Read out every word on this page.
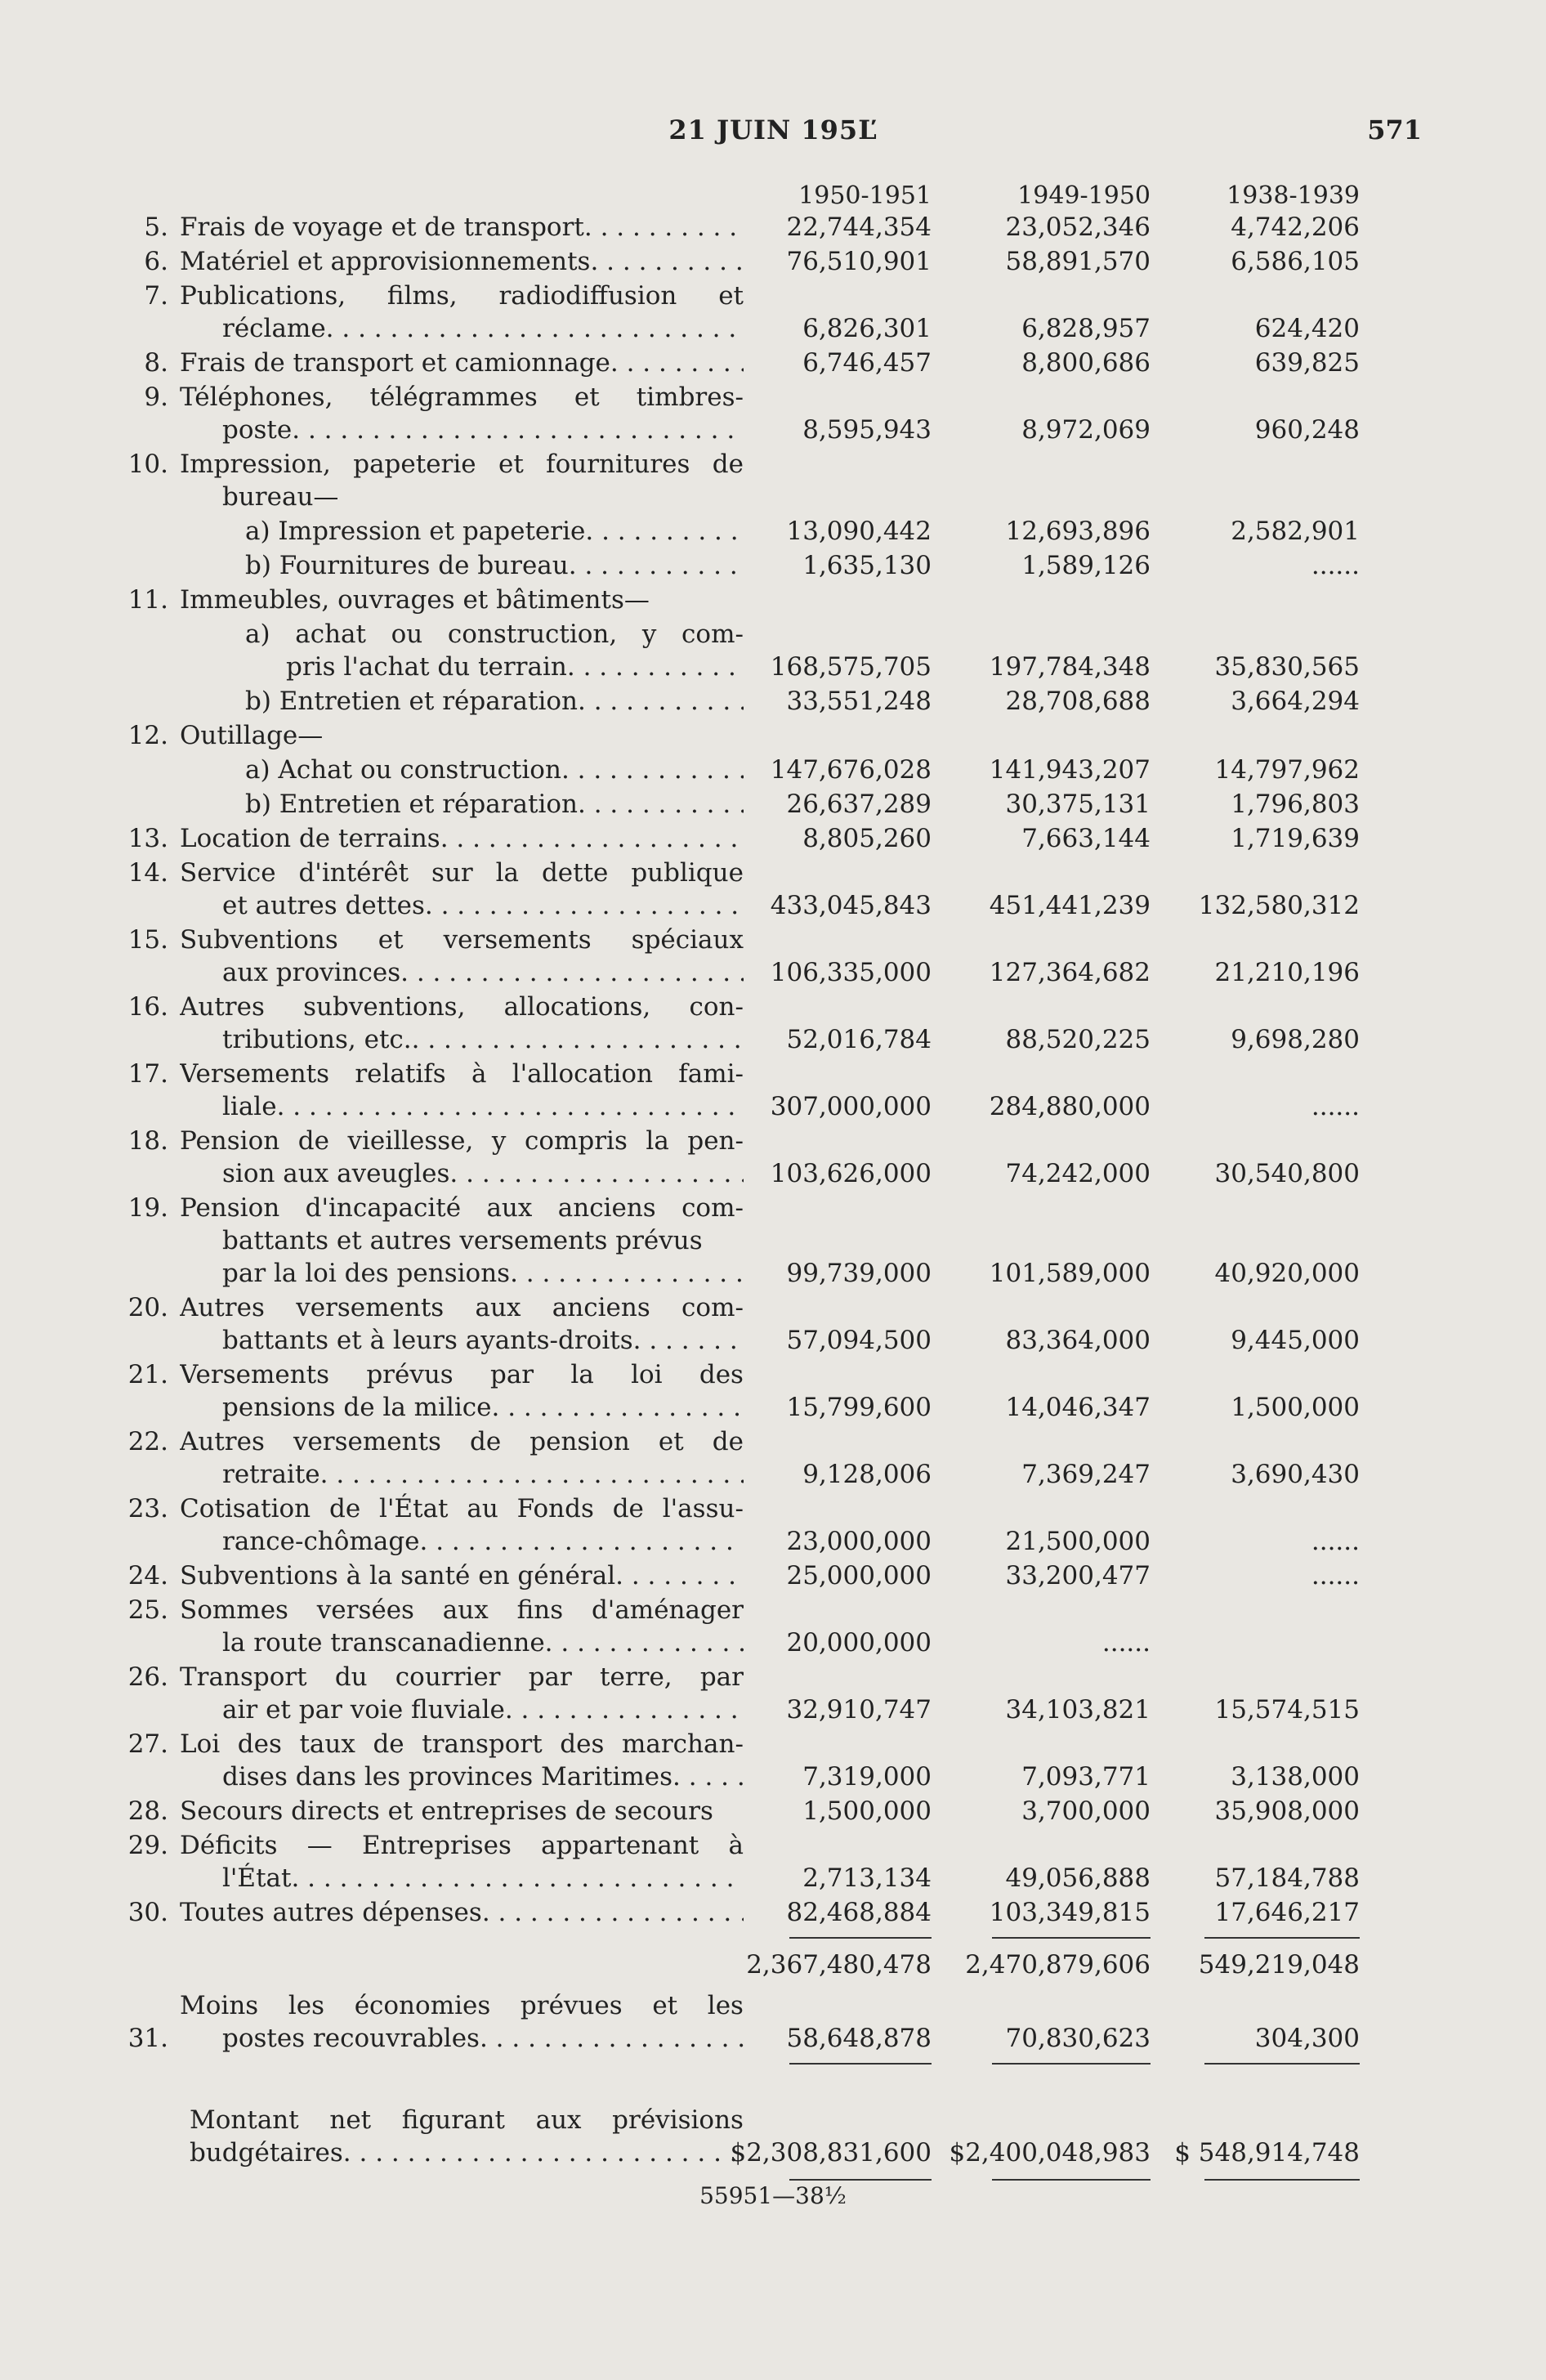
21 JUIN 195Ľ	571
1950-1951	1949-1950	1938-1939
5. Frais de voyage et de transport . . .	22,744,354	23,052,346	4,742,206
6. Matériel et approvisionnements . . .	76,510,901	58,891,570	6,586,105
7. Publications, films, radiodiffusion et
réclame . . .	6,826,301	6,828,957	624,420
8. Frais de transport et camionnage . . .	6,746,457	8,800,686	639,825
9. Téléphones, télégrammes et timbres-
poste . . .	8,595,943	8,972,069	960,248
10. Impression, papeterie et fournitures de
bureau—
a) Impression et papeterie . . .	13,090,442	12,693,896	2,582,901
b) Fournitures de bureau . . .	1,635,130	1,589,126	......
11. Immeubles, ouvrages et bâtiments—
a) achat ou construction, y com-
pris l'achat du terrain . . .	168,575,705	197,784,348	35,830,565
b) Entretien et réparation . . .	33,551,248	28,708,688	3,664,294
12. Outillage—
a) Achat ou construction . . .	147,676,028	141,943,207	14,797,962
b) Entretien et réparation . . .	26,637,289	30,375,131	1,796,803
13. Location de terrains . . .	8,805,260	7,663,144	1,719,639
14. Service d'intérêt sur la dette publique
et autres dettes . . .	433,045,843	451,441,239	132,580,312
15. Subventions et versements spéciaux
aux provinces . . .	106,335,000	127,364,682	21,210,196
16. Autres subventions, allocations, con-
tributions, etc. . . .	52,016,784	88,520,225	9,698,280
17. Versements relatifs à l'allocation fami-
liale . . .	307,000,000	284,880,000	......
18. Pension de vieillesse, y compris la pen-
sion aux aveugles . . .	103,626,000	74,242,000	30,540,800
19. Pension d'incapacité aux anciens com-
battants et autres versements prévus
par la loi des pensions . . .	99,739,000	101,589,000	40,920,000
20. Autres versements aux anciens com-
battants et à leurs ayants-droits . . .	57,094,500	83,364,000	9,445,000
21. Versements prévus par la loi des
pensions de la milice . . .	15,799,600	14,046,347	1,500,000
22. Autres versements de pension et de
retraite . . .	9,128,006	7,369,247	3,690,430
23. Cotisation de l'État au Fonds de l'assu-
rance-chômage . . .	23,000,000	21,500,000	......
24. Subventions à la santé en général . . .	25,000,000	33,200,477	......
25. Sommes versées aux fins d'aménager
la route transcanadienne . . .	20,000,000	......
26. Transport du courrier par terre, par
air et par voie fluviale . . .	32,910,747	34,103,821	15,574,515
27. Loi des taux de transport des marchan-
dises dans les provinces Maritimes . . .	7,319,000	7,093,771	3,138,000
28. Secours directs et entreprises de secours	1,500,000	3,700,000	35,908,000
29. Déficits — Entreprises appartenant à
l'État . . .	2,713,134	49,056,888	57,184,788
30. Toutes autres dépenses . . .	82,468,884	103,349,815	17,646,217
2,367,480,478	2,470,879,606	549,219,048
31.
Moins les économies prévues et les
postes recouvrables . . .	58,648,878	70,830,623	304,300
Montant net figurant aux prévisions
budgétaires . . .	$2,308,831,600 $2,400,048,983 $ 548,914,748
55951—38½
